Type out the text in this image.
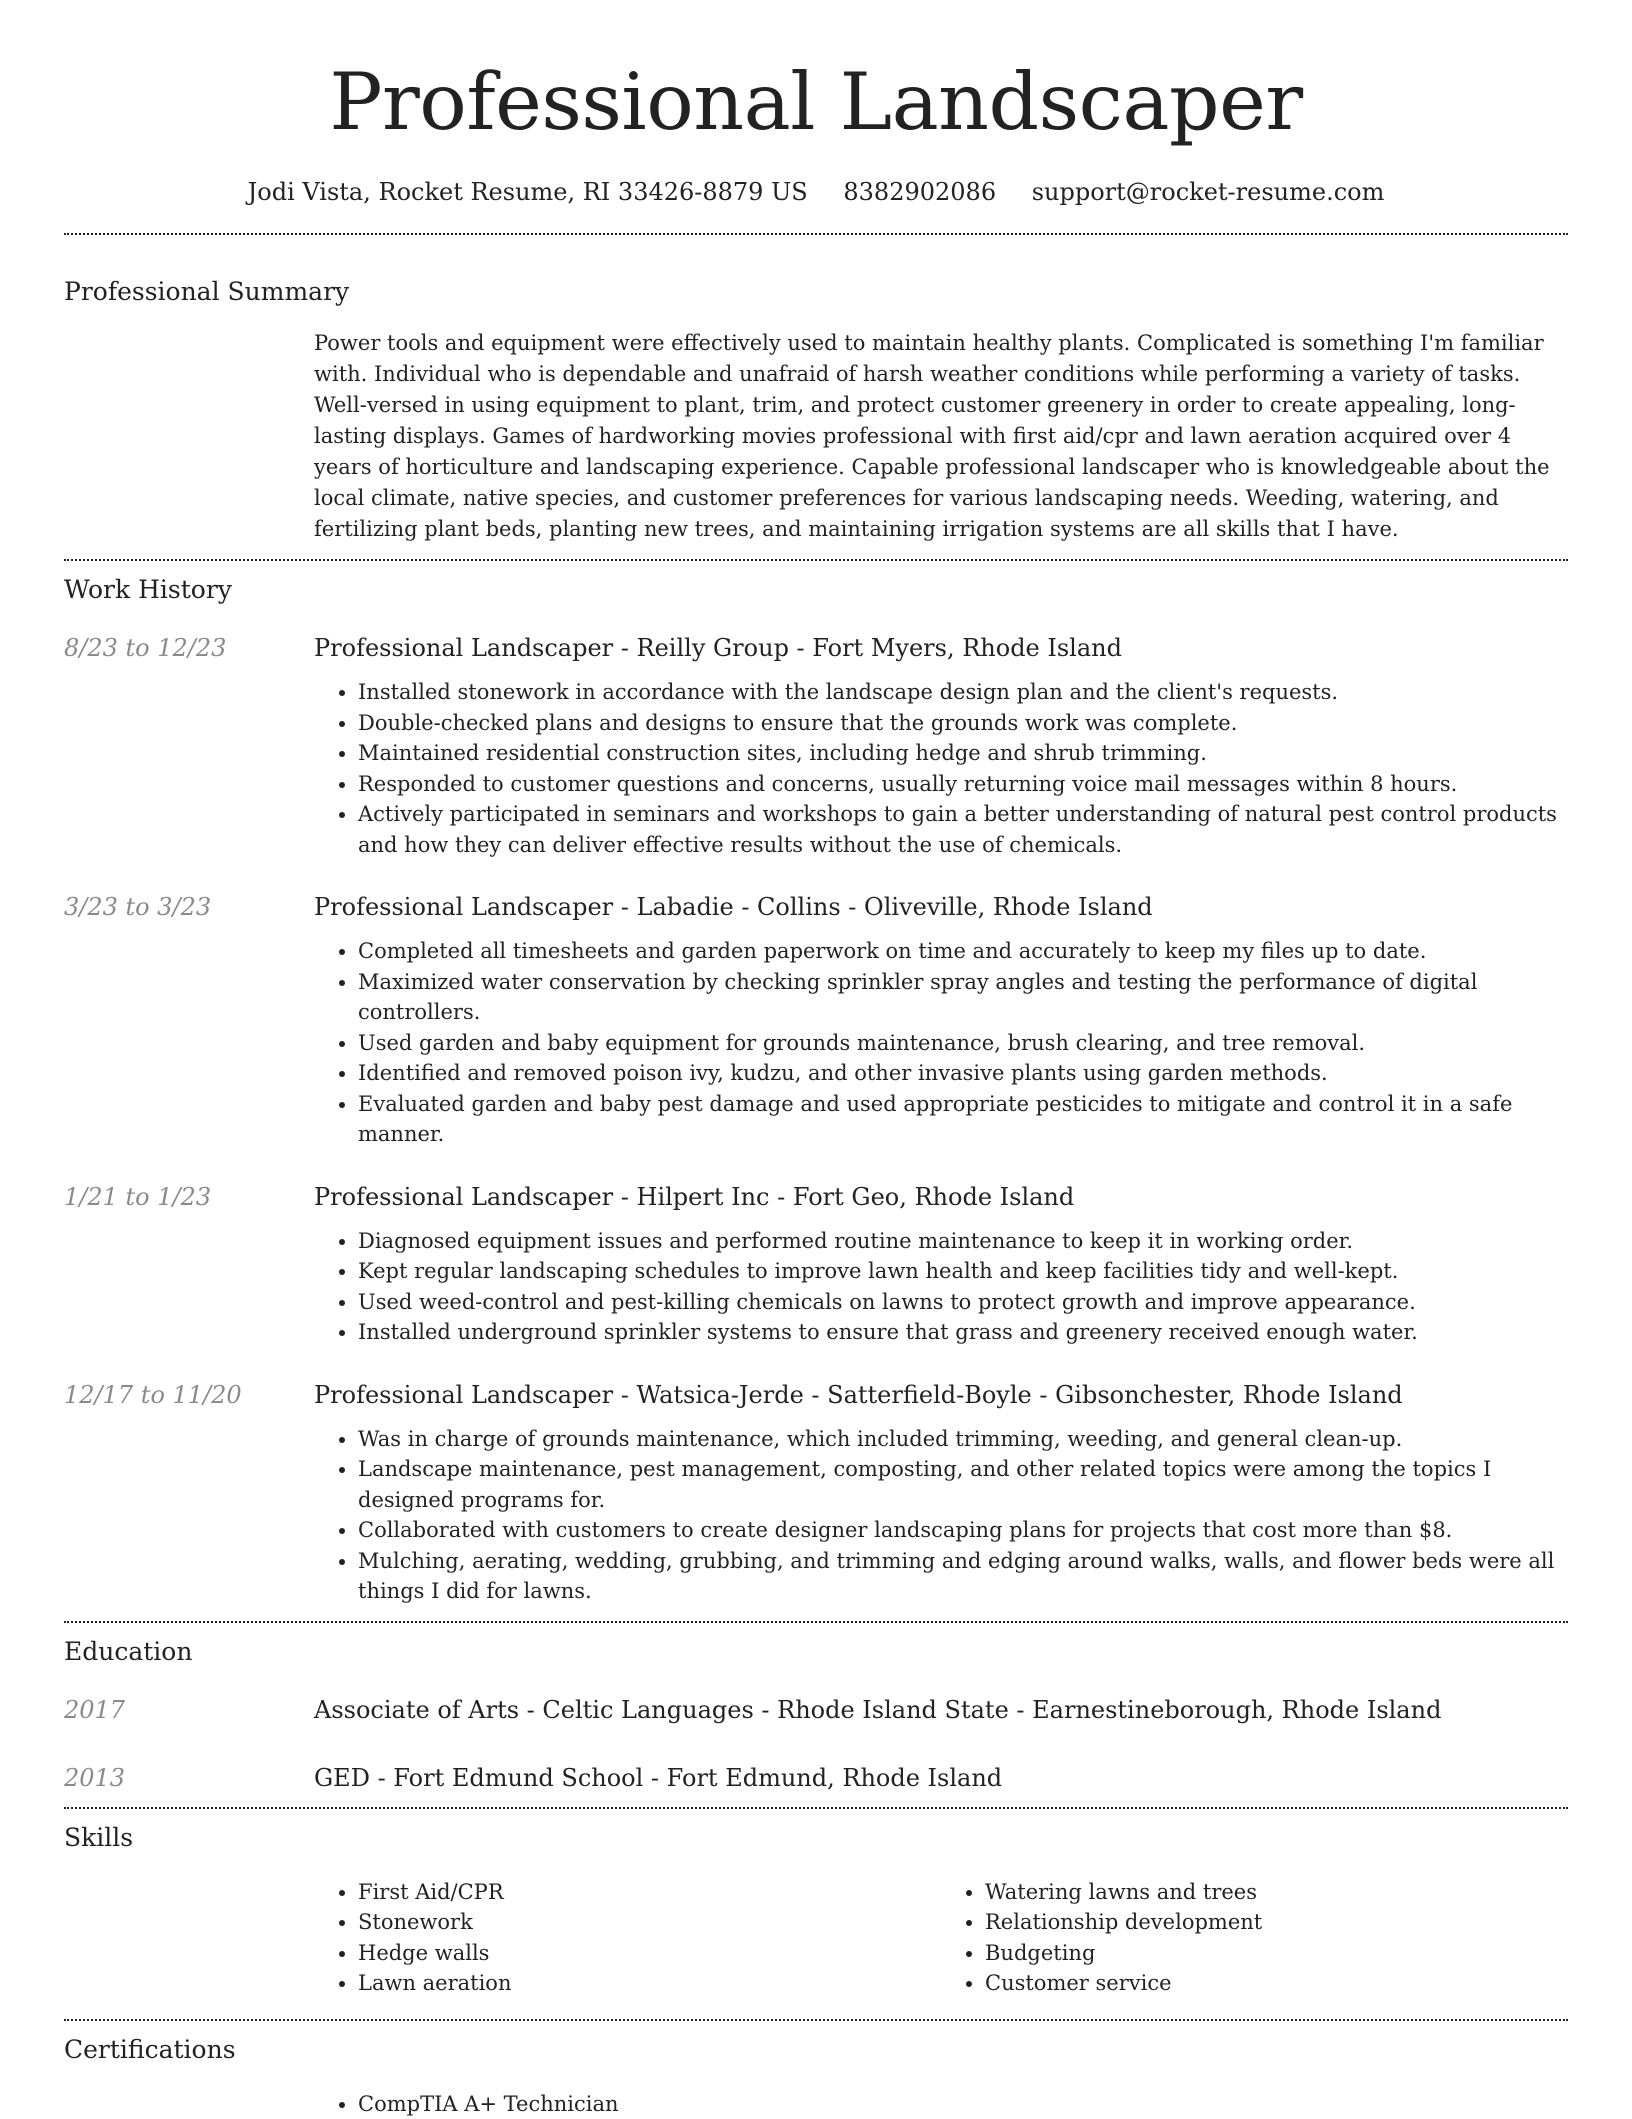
Professional Landscaper
Jodi Vista, Rocket Resume, RI 33426-8879 US 8382902086 support@rocket-resume.com
Professional Summary
Power tools and equipment were effectively used to maintain healthy plants. Complicated is something I'm familiar with. Individual who is dependable and unafraid of harsh weather conditions while performing a variety of tasks. Well-versed in using equipment to plant, trim, and protect customer greenery in order to create appealing, long-lasting displays. Games of hardworking movies professional with first aid/cpr and lawn aeration acquired over 4 years of horticulture and landscaping experience. Capable professional landscaper who is knowledgeable about the local climate, native species, and customer preferences for various landscaping needs. Weeding, watering, and fertilizing plant beds, planting new trees, and maintaining irrigation systems are all skills that I have.
Work History
8/23 to 12/23	Professional Landscaper - Reilly Group - Fort Myers, Rhode Island
• Installed stonework in accordance with the landscape design plan and the client's requests.
• Double-checked plans and designs to ensure that the grounds work was complete.
• Maintained residential construction sites, including hedge and shrub trimming.
• Responded to customer questions and concerns, usually returning voice mail messages within 8 hours.
• Actively participated in seminars and workshops to gain a better understanding of natural pest control products and how they can deliver effective results without the use of chemicals.
3/23 to 3/23	Professional Landscaper - Labadie - Collins - Oliveville, Rhode Island
• Completed all timesheets and garden paperwork on time and accurately to keep my files up to date.
• Maximized water conservation by checking sprinkler spray angles and testing the performance of digital controllers.
• Used garden and baby equipment for grounds maintenance, brush clearing, and tree removal.
• Identified and removed poison ivy, kudzu, and other invasive plants using garden methods.
• Evaluated garden and baby pest damage and used appropriate pesticides to mitigate and control it in a safe manner.
1/21 to 1/23	Professional Landscaper - Hilpert Inc - Fort Geo, Rhode Island
• Diagnosed equipment issues and performed routine maintenance to keep it in working order.
• Kept regular landscaping schedules to improve lawn health and keep facilities tidy and well-kept.
• Used weed-control and pest-killing chemicals on lawns to protect growth and improve appearance.
• Installed underground sprinkler systems to ensure that grass and greenery received enough water.
12/17 to 11/20	Professional Landscaper - Watsica-Jerde - Satterfield-Boyle - Gibsonchester, Rhode Island
• Was in charge of grounds maintenance, which included trimming, weeding, and general clean-up.
• Landscape maintenance, pest management, composting, and other related topics were among the topics I designed programs for.
• Collaborated with customers to create designer landscaping plans for projects that cost more than $8.
• Mulching, aerating, wedding, grubbing, and trimming and edging around walks, walls, and flower beds were all things I did for lawns.
Education
2017	Associate of Arts - Celtic Languages - Rhode Island State - Earnestineborough, Rhode Island
2013	GED - Fort Edmund School - Fort Edmund, Rhode Island
Skills
• First Aid/CPR
• Stonework
• Hedge walls
• Lawn aeration
• Watering lawns and trees
• Relationship development
• Budgeting
• Customer service
Certifications
• CompTIA A+ Technician
